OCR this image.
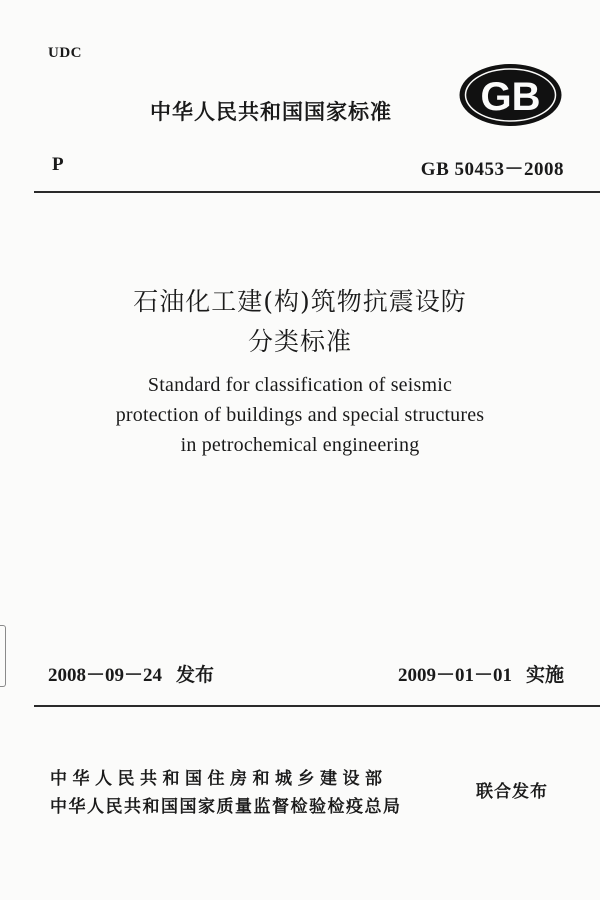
UDC
中华人民共和国国家标准 GB
P	GB 50453－2008
石油化工建(构)筑物抗震设防
分类标准
Standard for classification of seismic
protection of buildings and special structures
in petrochemical engineering
2008－09－24 发布	2009－01－01 实施
中华人民共和国住房和城乡建设部
中华人民共和国国家质量监督检验检疫总局
联合发布
